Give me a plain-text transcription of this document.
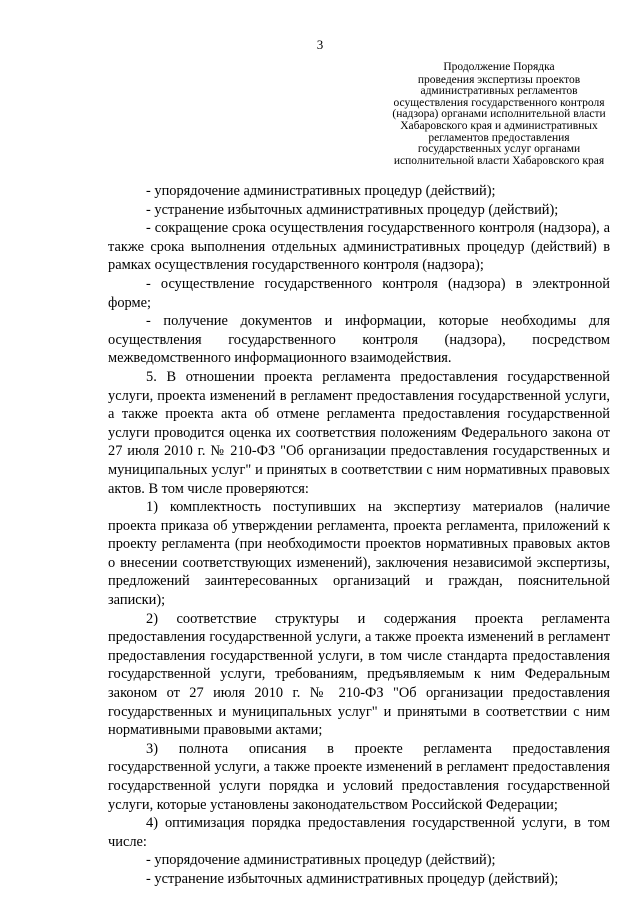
3

Продолжение Порядка

проведения экспертизы проектов административных регламентов осуществления государственного контроля (надзора) органами исполнительной власти Хабаровского края и административных регламентов предоставления государственных услуг органами исполнительной власти Хабаровского края

- упорядочение административных процедур (действий);

- устранение избыточных административных процедур (действий);

- сокращение срока осуществления государственного контроля (надзора), а также срока выполнения отдельных административных процедур (действий) в рамках осуществления государственного контроля (надзора);

- осуществление государственного контроля (надзора) в электронной форме;

- получение документов и информации, которые необходимы для осуществления государственного контроля (надзора), посредством межведомственного информационного взаимодействия.

5. В отношении проекта регламента предоставления государственной услуги, проекта изменений в регламент предоставления государственной услуги, а также проекта акта об отмене регламента предоставления государственной услуги проводится оценка их соответствия положениям Федерального закона от 27 июля 2010 г. № 210-ФЗ "Об организации предоставления государственных и муниципальных услуг" и принятых в соответствии с ним нормативных правовых актов. В том числе проверяются:

1) комплектность поступивших на экспертизу материалов (наличие проекта приказа об утверждении регламента, проекта регламента, приложений к проекту регламента (при необходимости проектов нормативных правовых актов о внесении соответствующих изменений), заключения независимой экспертизы, предложений заинтересованных организаций и граждан, пояснительной записки);

2) соответствие структуры и содержания проекта регламента предоставления государственной услуги, а также проекта изменений в регламент предоставления государственной услуги, в том числе стандарта предоставления государственной услуги, требованиям, предъявляемым к ним Федеральным законом от 27 июля 2010 г. № 210-ФЗ "Об организации предоставления государственных и муниципальных услуг" и принятыми в соответствии с ним нормативными правовыми актами;

3) полнота описания в проекте регламента предоставления государственной услуги, а также проекте изменений в регламент предоставления государственной услуги порядка и условий предоставления государственной услуги, которые установлены законодательством Российской Федерации;

4) оптимизация порядка предоставления государственной услуги, в том числе:

- упорядочение административных процедур (действий);

- устранение избыточных административных процедур (действий);
